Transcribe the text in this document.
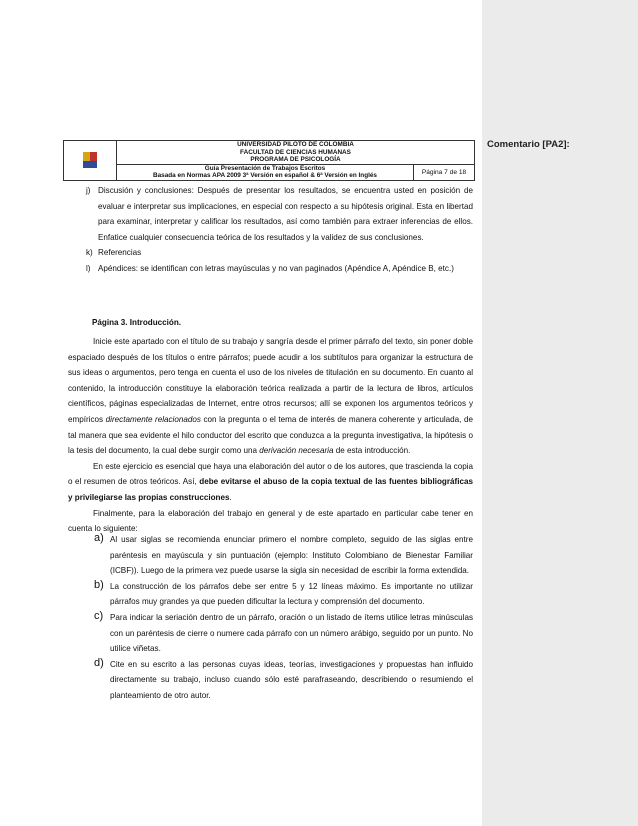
Comentario [PA2]:

	UNIVERSIDAD PILOTO DE COLOMBIA
FACULTAD DE CIENCIAS HUMANAS
PROGRAMA DE PSICOLOGÍA	

	Guía Presentación de Trabajos Escritos
Basada en Normas APA 2009 3ª Versión en español & 6ª Versión en Inglés	Página 7 de 18
j) Discusión y conclusiones: Después de presentar los resultados, se encuentra usted en posición de evaluar e interpretar sus implicaciones, en especial con respecto a su hipótesis original. Esta en libertad para examinar, interpretar y calificar los resultados, así como también para extraer inferencias de ellos. Enfatice cualquier consecuencia teórica de los resultados y la validez de sus conclusiones.
k) Referencias
l) Apéndices: se identifican con letras mayúsculas y no van paginados (Apéndice A, Apéndice B, etc.)
Página 3. Introducción.

Inicie este apartado con el título de su trabajo y sangría desde el primer párrafo del texto, sin poner doble espaciado después de los títulos o entre párrafos; puede acudir a los subtítulos para organizar la estructura de sus ideas o argumentos, pero tenga en cuenta el uso de los niveles de titulación en su documento. En cuanto al contenido, la introducción constituye la elaboración teórica realizada a partir de la lectura de libros, artículos científicos, páginas especializadas de Internet, entre otros recursos; allí se exponen los argumentos teóricos y empíricos directamente relacionados con la pregunta o el tema de interés de manera coherente y articulada, de tal manera que sea evidente el hilo conductor del escrito que conduzca a la pregunta investigativa, la hipótesis o la tesis del documento, la cual debe surgir como una derivación necesaria de esta introducción.

En este ejercicio es esencial que haya una elaboración del autor o de los autores, que trascienda la copia o el resumen de otros teóricos. Así, debe evitarse el abuso de la copia textual de las fuentes bibliográficas y privilegiarse las propias construcciones.

Finalmente, para la elaboración del trabajo en general y de este apartado en particular cabe tener en cuenta lo siguiente:

a) Al usar siglas se recomienda enunciar primero el nombre completo, seguido de las siglas entre paréntesis en mayúscula y sin puntuación (ejemplo: Instituto Colombiano de Bienestar Familiar (ICBF)). Luego de la primera vez puede usarse la sigla sin necesidad de escribir la forma extendida.
b) La construcción de los párrafos debe ser entre 5 y 12 líneas máximo. Es importante no utilizar párrafos muy grandes ya que pueden dificultar la lectura y comprensión del documento.
c) Para indicar la seriación dentro de un párrafo, oración o un listado de ítems utilice letras minúsculas con un paréntesis de cierre o numere cada párrafo con un número arábigo, seguido por un punto. No utilice viñetas.
d) Cite en su escrito a las personas cuyas ideas, teorías, investigaciones y propuestas han influido directamente su trabajo, incluso cuando sólo esté parafraseando, describiendo o resumiendo el planteamiento de otro autor.
